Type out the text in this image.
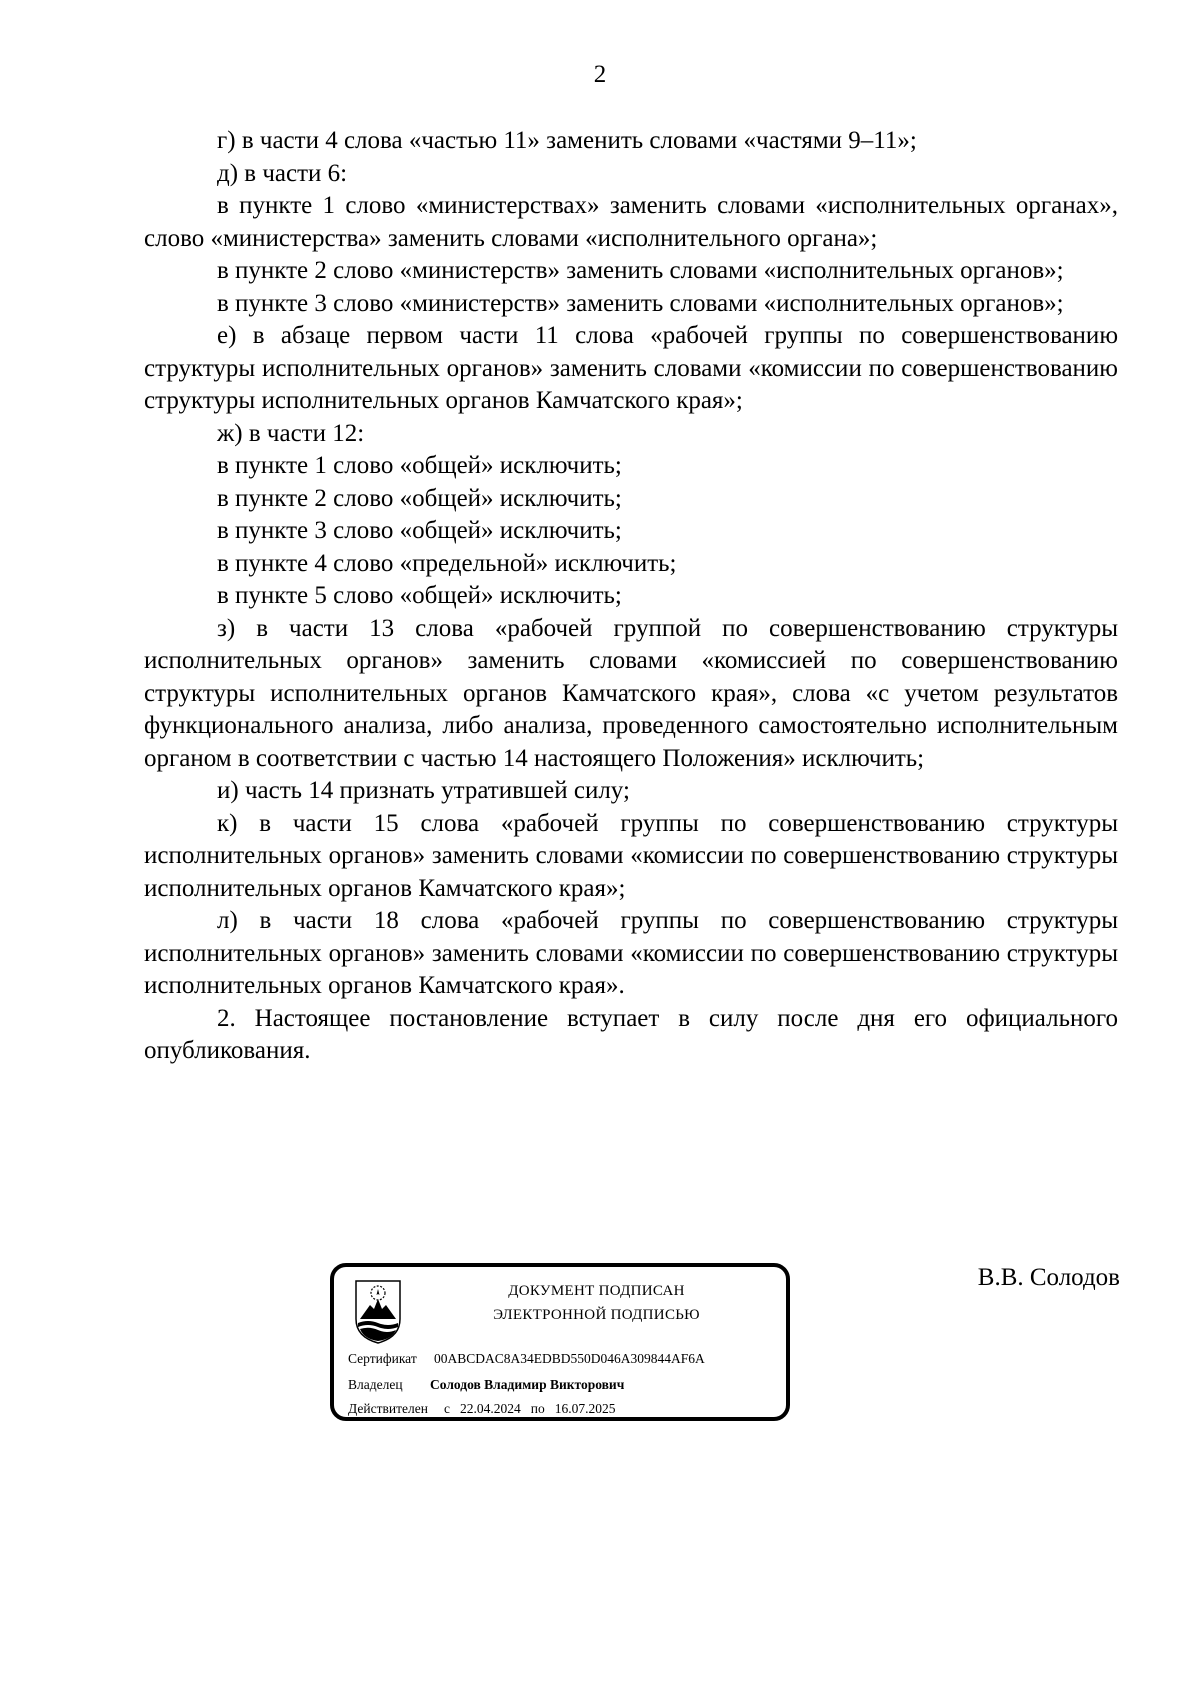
2

г) в части 4 слова «частью 11» заменить словами «частями 9–11»;

д) в части 6:

в пункте 1 слово «министерствах» заменить словами «исполнительных органах», слово «министерства» заменить словами «исполнительного органа»;

в пункте 2 слово «министерств» заменить словами «исполнительных органов»;

в пункте 3 слово «министерств» заменить словами «исполнительных органов»;

е) в абзаце первом части 11 слова «рабочей группы по совершенствованию структуры исполнительных органов» заменить словами «комиссии по совершенствованию структуры исполнительных органов Камчатского края»;

ж) в части 12:

в пункте 1 слово «общей» исключить;

в пункте 2 слово «общей» исключить;

в пункте 3 слово «общей» исключить;

в пункте 4 слово «предельной» исключить;

в пункте 5 слово «общей» исключить;

з) в части 13 слова «рабочей группой по совершенствованию структуры исполнительных органов» заменить словами «комиссией по совершенствованию структуры исполнительных органов Камчатского края», слова «с учетом результатов функционального анализа, либо анализа, проведенного самостоятельно исполнительным органом в соответствии с частью 14 настоящего Положения» исключить;

и) часть 14 признать утратившей силу;

к) в части 15 слова «рабочей группы по совершенствованию структуры исполнительных органов» заменить словами «комиссии по совершенствованию структуры исполнительных органов Камчатского края»;

л) в части 18 слова «рабочей группы по совершенствованию структуры исполнительных органов» заменить словами «комиссии по совершенствованию структуры исполнительных органов Камчатского края».

2. Настоящее постановление вступает в силу после дня его официального опубликования.

ДОКУМЕНТ ПОДПИСАН
ЭЛЕКТРОННОЙ ПОДПИСЬЮ
Сертификат 00ABCDAC8A34EDBD550D046A309844AF6A
Владелец Солодов Владимир Викторович
Действителен с 22.04.2024 по 16.07.2025
В.В. Солодов
